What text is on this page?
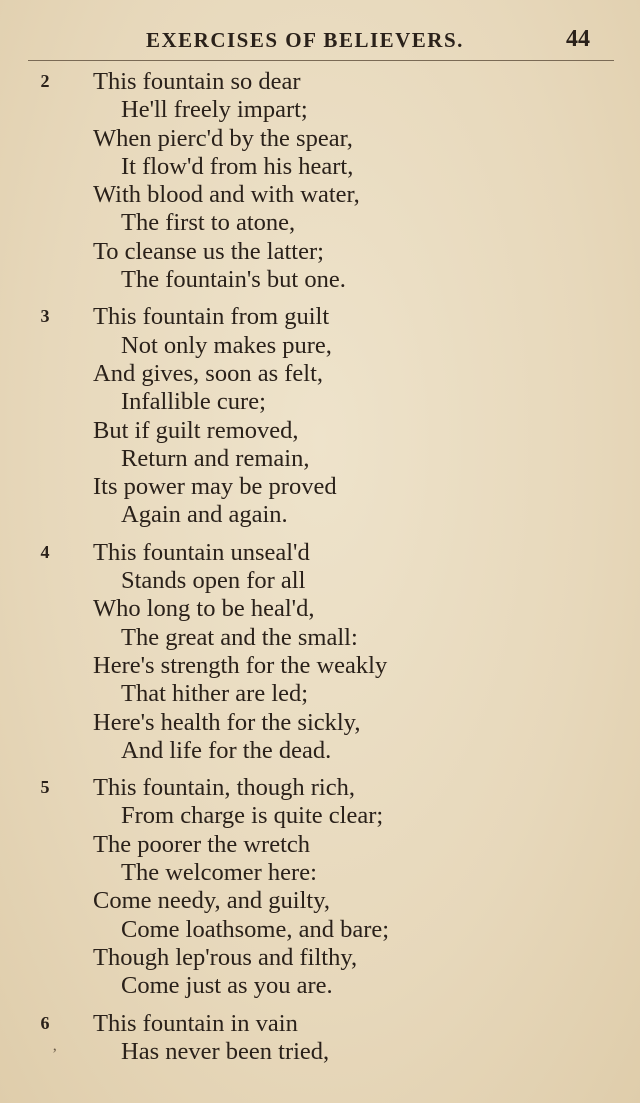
EXERCISES OF BELIEVERS.	44
2	This fountain so dear
He'll freely impart;
When pierc'd by the spear,
It flow'd from his heart,
With blood and with water,
The first to atone,
To cleanse us the latter;
The fountain's but one.
3	This fountain from guilt
Not only makes pure,
And gives, soon as felt,
Infallible cure;
But if guilt removed,
Return and remain,
Its power may be proved
Again and again.
4	This fountain unseal'd
Stands open for all
Who long to be heal'd,
The great and the small:
Here's strength for the weakly
That hither are led;
Here's health for the sickly,
And life for the dead.
5	This fountain, though rich,
From charge is quite clear;
The poorer the wretch
The welcomer here:
Come needy, and guilty,
Come loathsome, and bare;
Though lep'rous and filthy,
Come just as you are.
6	This fountain in vain
Has never been tried,
’
